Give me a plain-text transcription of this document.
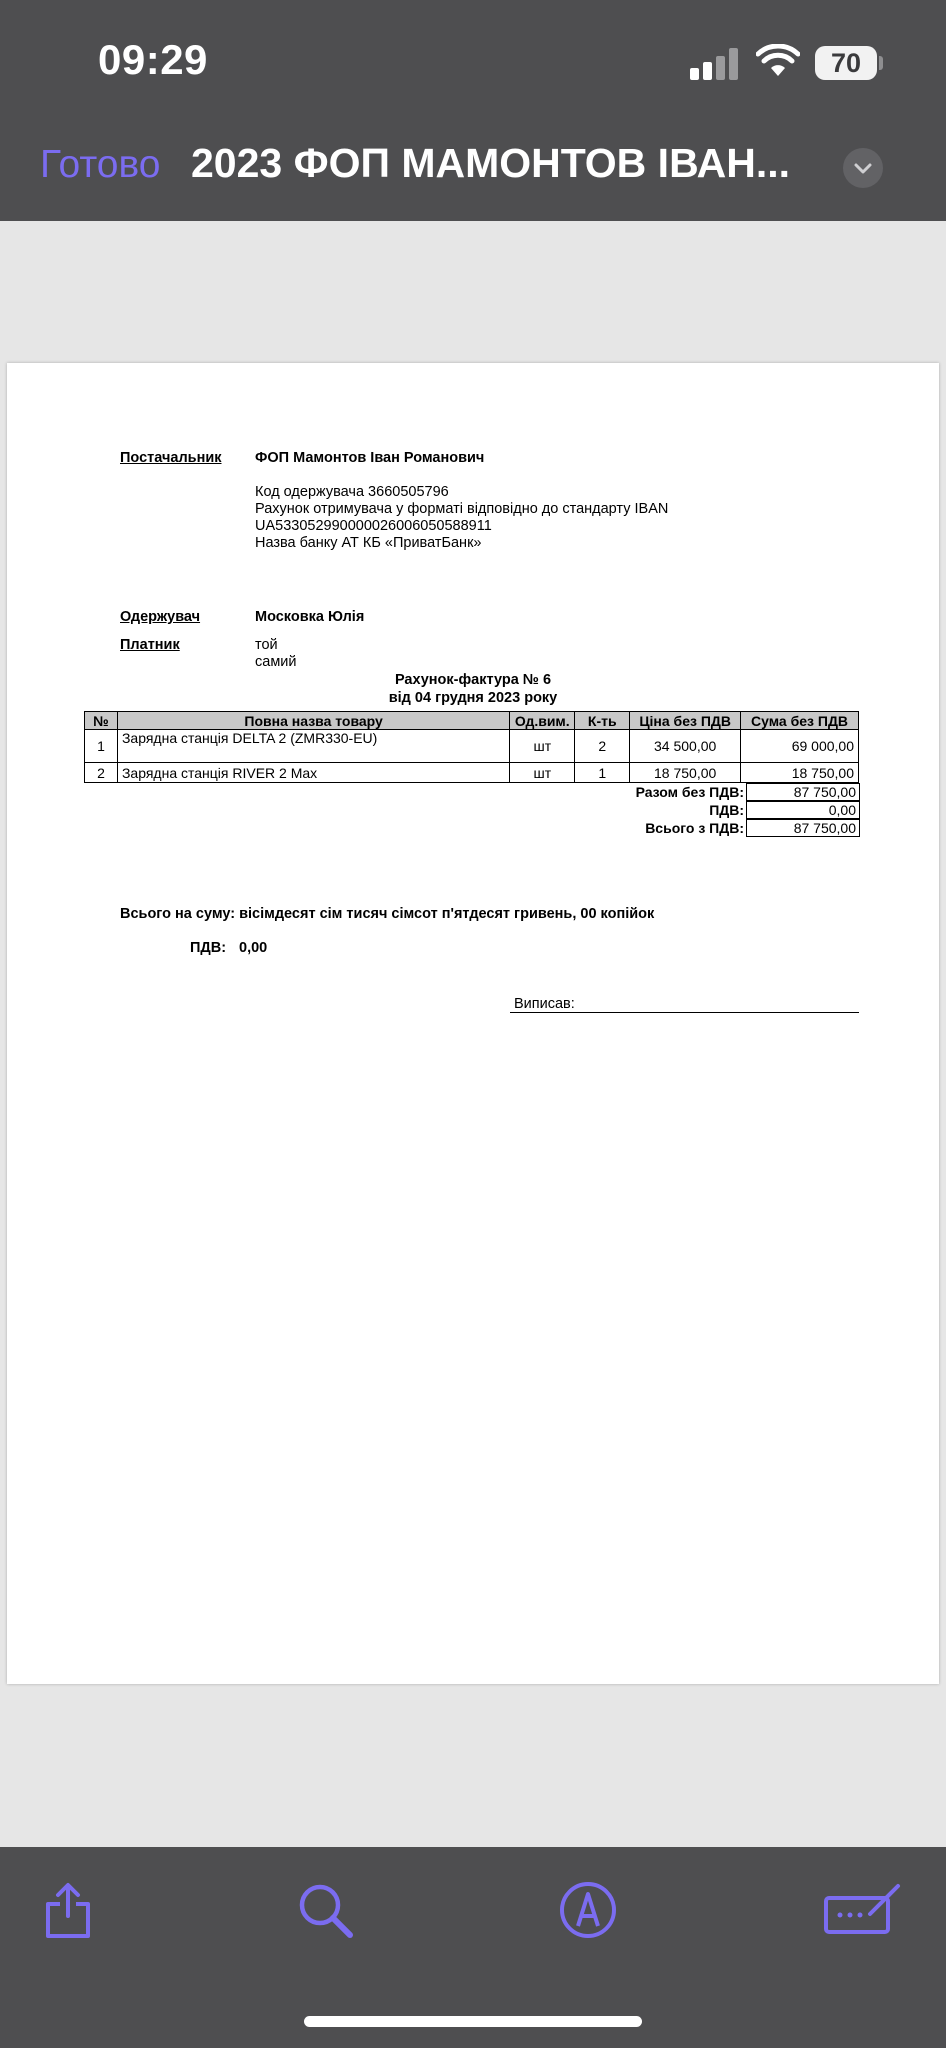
09:29	70
Готово 2023 ФОП МАМОНТОВ ІВАН...
Постачальник ФОП Мамонтов Іван Романович
Код одержувача 3660505796
Рахунок отримувача у форматі відповідно до стандарту IBAN
UA533052990000026006050588911
Назва банку АТ КБ «ПриватБанк»
Одержувач	Московка Юлія
Платник	той
самий
Рахунок-фактура № 6
від 04 грудня 2023 року
№	Повна назва товару	Од.вим.	К-ть	Ціна без ПДВ	Сума без ПДВ
1	Зарядна станція DELTA 2 (ZMR330-EU)	шт	2	34 500,00	69 000,00
2	Зарядна станція RIVER 2 Max	шт	1	18 750,00	18 750,00
Разом без ПДВ:	87 750,00
ПДВ:	0,00
Всього з ПДВ:	87 750,00
Всього на суму: вісімдесят сім тисяч сімсот п'ятдесят гривень, 00 копійок
ПДВ: 0,00
Виписав:
